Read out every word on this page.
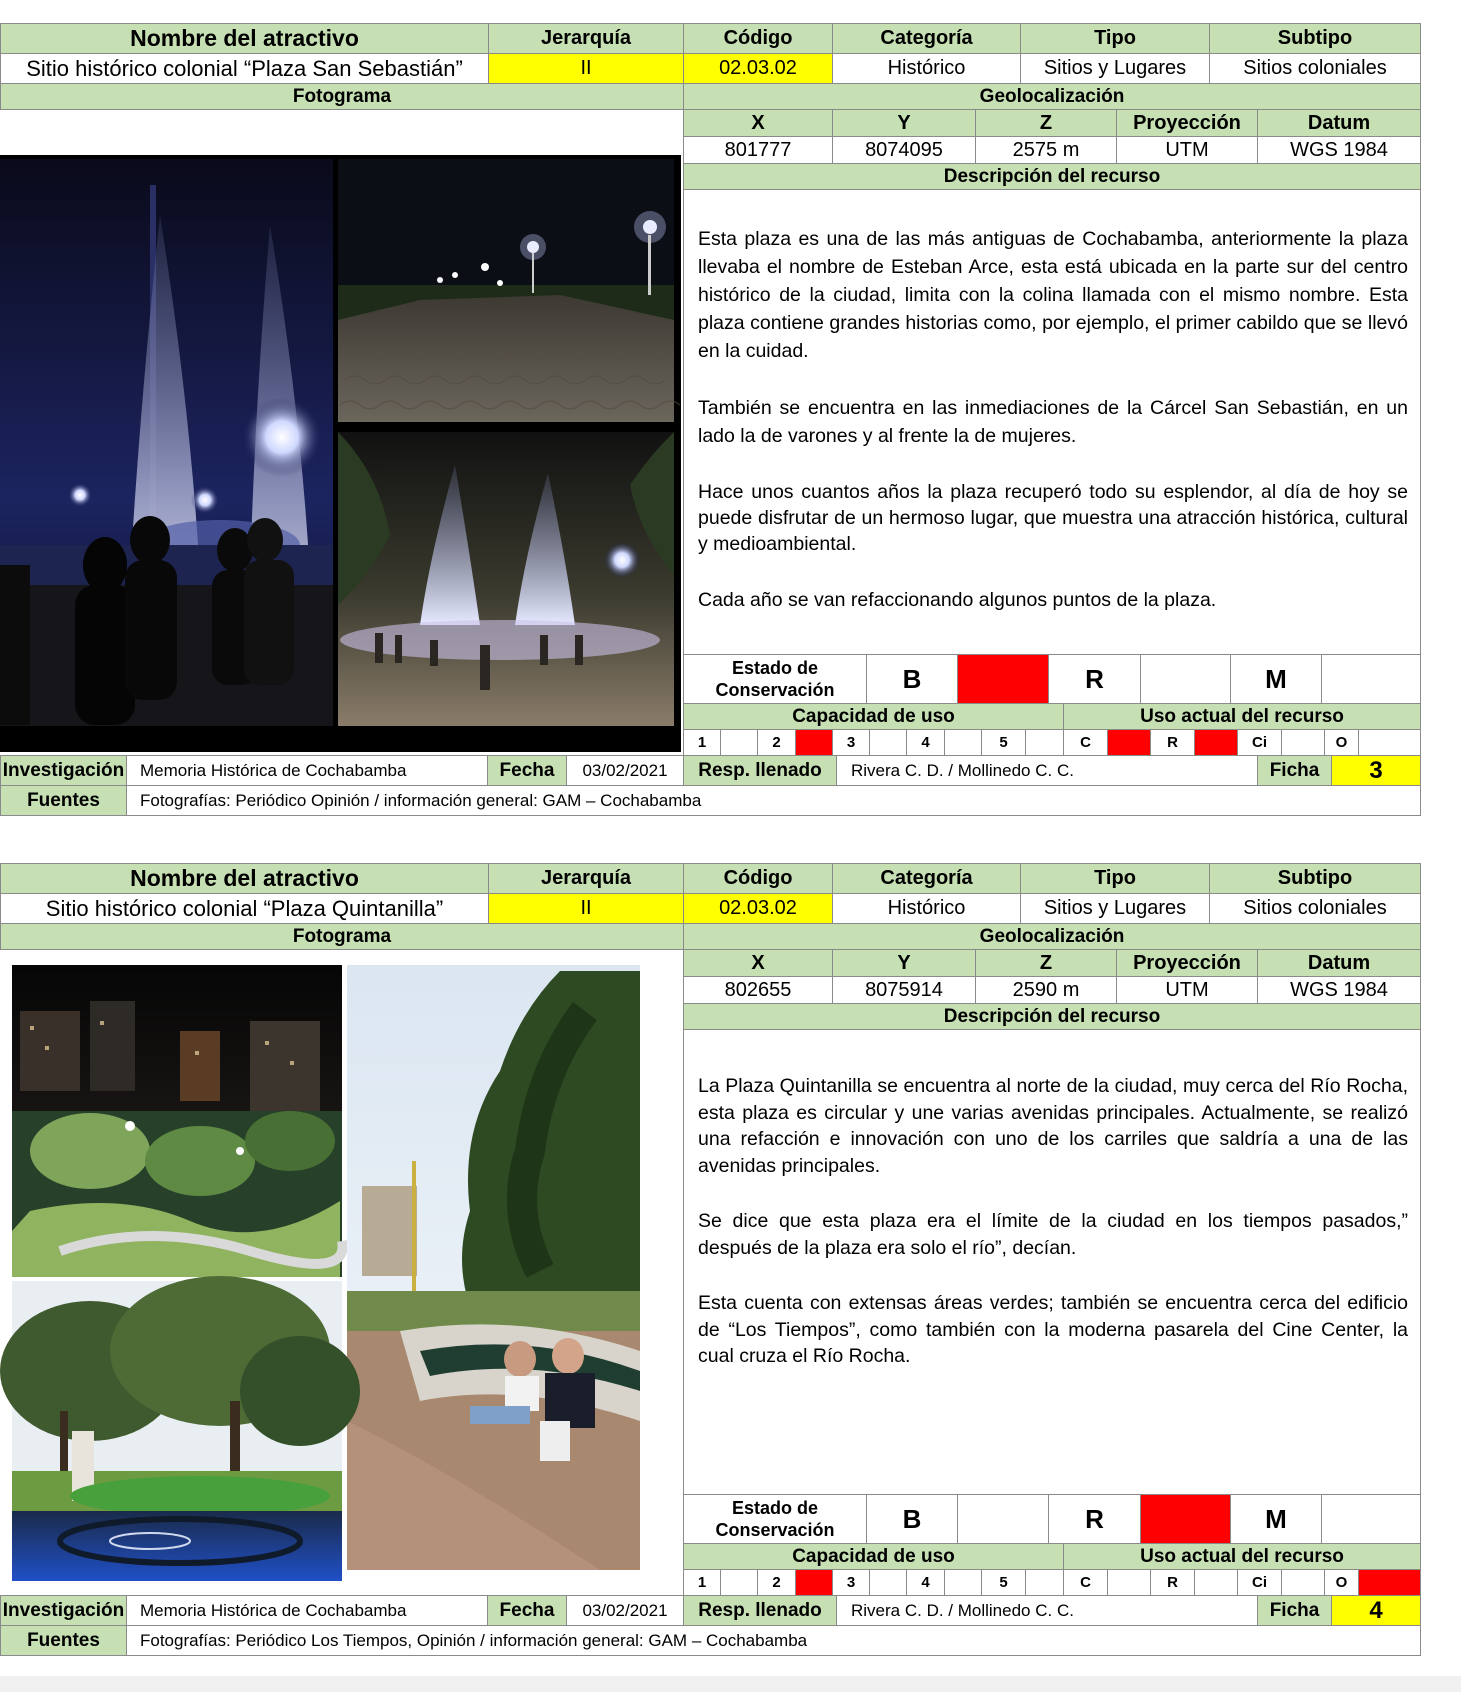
Nombre del atractivo	Jerarquía	Código	Categoría	Tipo	Subtipo
Sitio histórico colonial “Plaza San Sebastián”	II	02.03.02	Histórico	Sitios y Lugares	Sitios coloniales
Fotograma	Geolocalización
X	Y	Z	Proyección	Datum
801777	8074095	2575 m	UTM	WGS 1984
Descripción del recurso

Esta plaza es una de las más antiguas de Cochabamba, anteriormente la plaza llevaba el nombre de Esteban Arce, esta está ubicada en la parte sur del centro histórico de la ciudad, limita con la colina llamada con el mismo nombre. Esta plaza contiene grandes historias como, por ejemplo, el primer cabildo que se llevó en la cuidad.

También se encuentra en las inmediaciones de la Cárcel San Sebastián, en un lado la de varones y al frente la de mujeres.

Hace unos cuantos años la plaza recuperó todo su esplendor, al día de hoy se puede disfrutar de un hermoso lugar, que muestra una atracción histórica, cultural y medioambiental.

Cada año se van refaccionando algunos puntos de la plaza.

Estado de Conservación	B	R	M
Capacidad de uso	Uso actual del recurso
1	2	3	4	5	C	R	Ci	O
Investigación Memoria Histórica de Cochabamba	Fecha	03/02/2021	Resp. llenado	Rivera C. D. / Mollinedo C. C.	Ficha	3
Fuentes	Fotografías: Periódico Opinión / información general: GAM – Cochabamba
Nombre del atractivo	Jerarquía	Código	Categoría	Tipo	Subtipo
Sitio histórico colonial “Plaza Quintanilla”	II	02.03.02	Histórico	Sitios y Lugares	Sitios coloniales
Fotograma	Geolocalización
X	Y	Z	Proyección	Datum
802655	8075914	2590 m	UTM	WGS 1984
Descripción del recurso

La Plaza Quintanilla se encuentra al norte de la ciudad, muy cerca del Río Rocha, esta plaza es circular y une varias avenidas principales. Actualmente, se realizó una refacción e innovación con uno de los carriles que saldría a una de las avenidas principales.

Se dice que esta plaza era el límite de la ciudad en los tiempos pasados,” después de la plaza era solo el río”, decían.

Esta cuenta con extensas áreas verdes; también se encuentra cerca del edificio de “Los Tiempos”, como también con la moderna pasarela del Cine Center, la cual cruza el Río Rocha.

Estado de Conservación	B	R	M
Capacidad de uso	Uso actual del recurso
1	2	3	4	5	C	R	Ci	O
Investigación Memoria Histórica de Cochabamba	Fecha	03/02/2021	Resp. llenado	Rivera C. D. / Mollinedo C. C.	Ficha	4
Fuentes	Fotografías: Periódico Los Tiempos, Opinión / información general: GAM – Cochabamba
